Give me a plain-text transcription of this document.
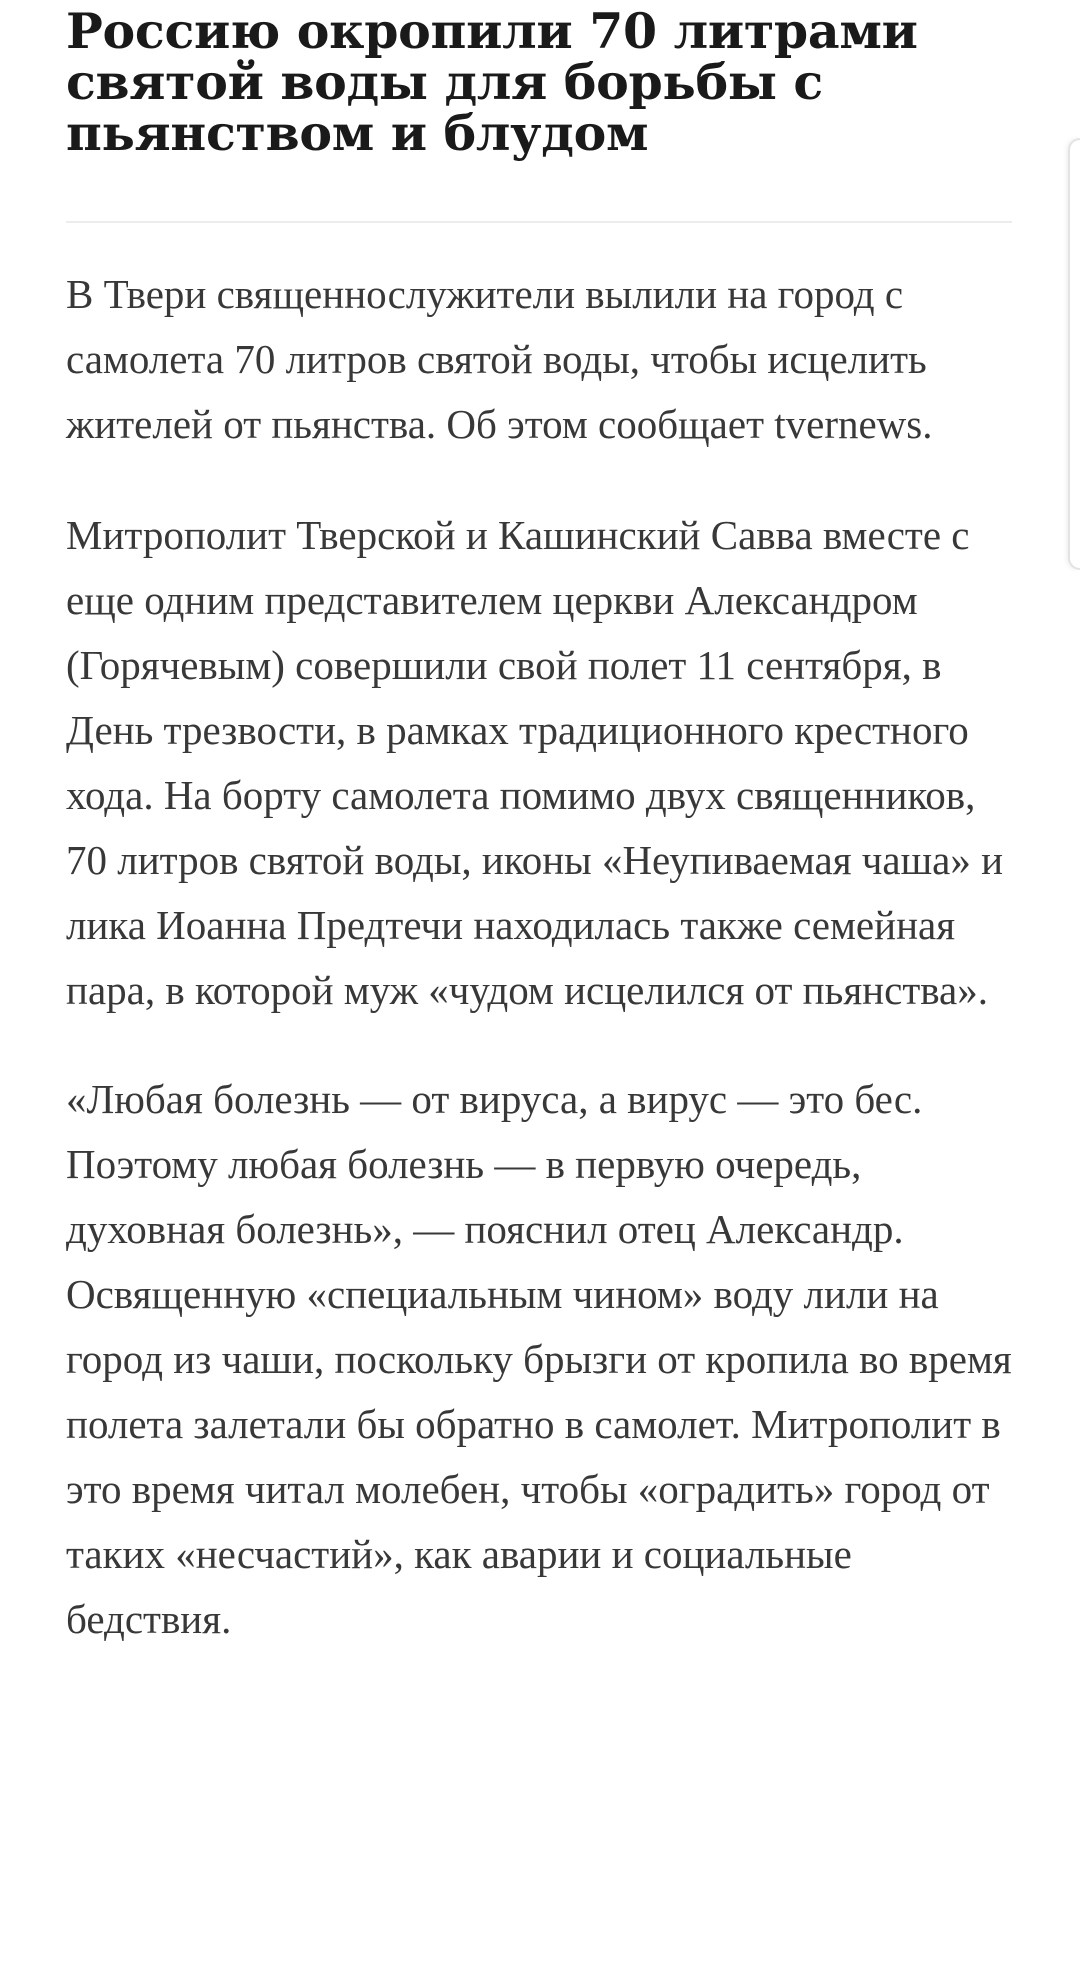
Россию окропили 70 литрами святой воды для борьбы с пьянством и блудом

В Твери священнослужители вылили на город с самолета 70 литров святой воды, чтобы исцелить жителей от пьянства. Об этом сообщает tvernews.

Митрополит Тверской и Кашинский Савва вместе с еще одним представителем церкви Александром (Горячевым) совершили свой полет 11 сентября, в День трезвости, в рамках традиционного крестного хода. На борту самолета помимо двух священников, 70 литров святой воды, иконы «Неупиваемая чаша» и лика Иоанна Предтечи находилась также семейная пара, в которой муж «чудом исцелился от пьянства».

«Любая болезнь — от вируса, а вирус — это бес. Поэтому любая болезнь — в первую очередь, духовная болезнь», — пояснил отец Александр. Освященную «специальным чином» воду лили на город из чаши, поскольку брызги от кропила во время полета залетали бы обратно в самолет. Митрополит в это время читал молебен, чтобы «оградить» город от таких «несчастий», как аварии и социальные бедствия.
